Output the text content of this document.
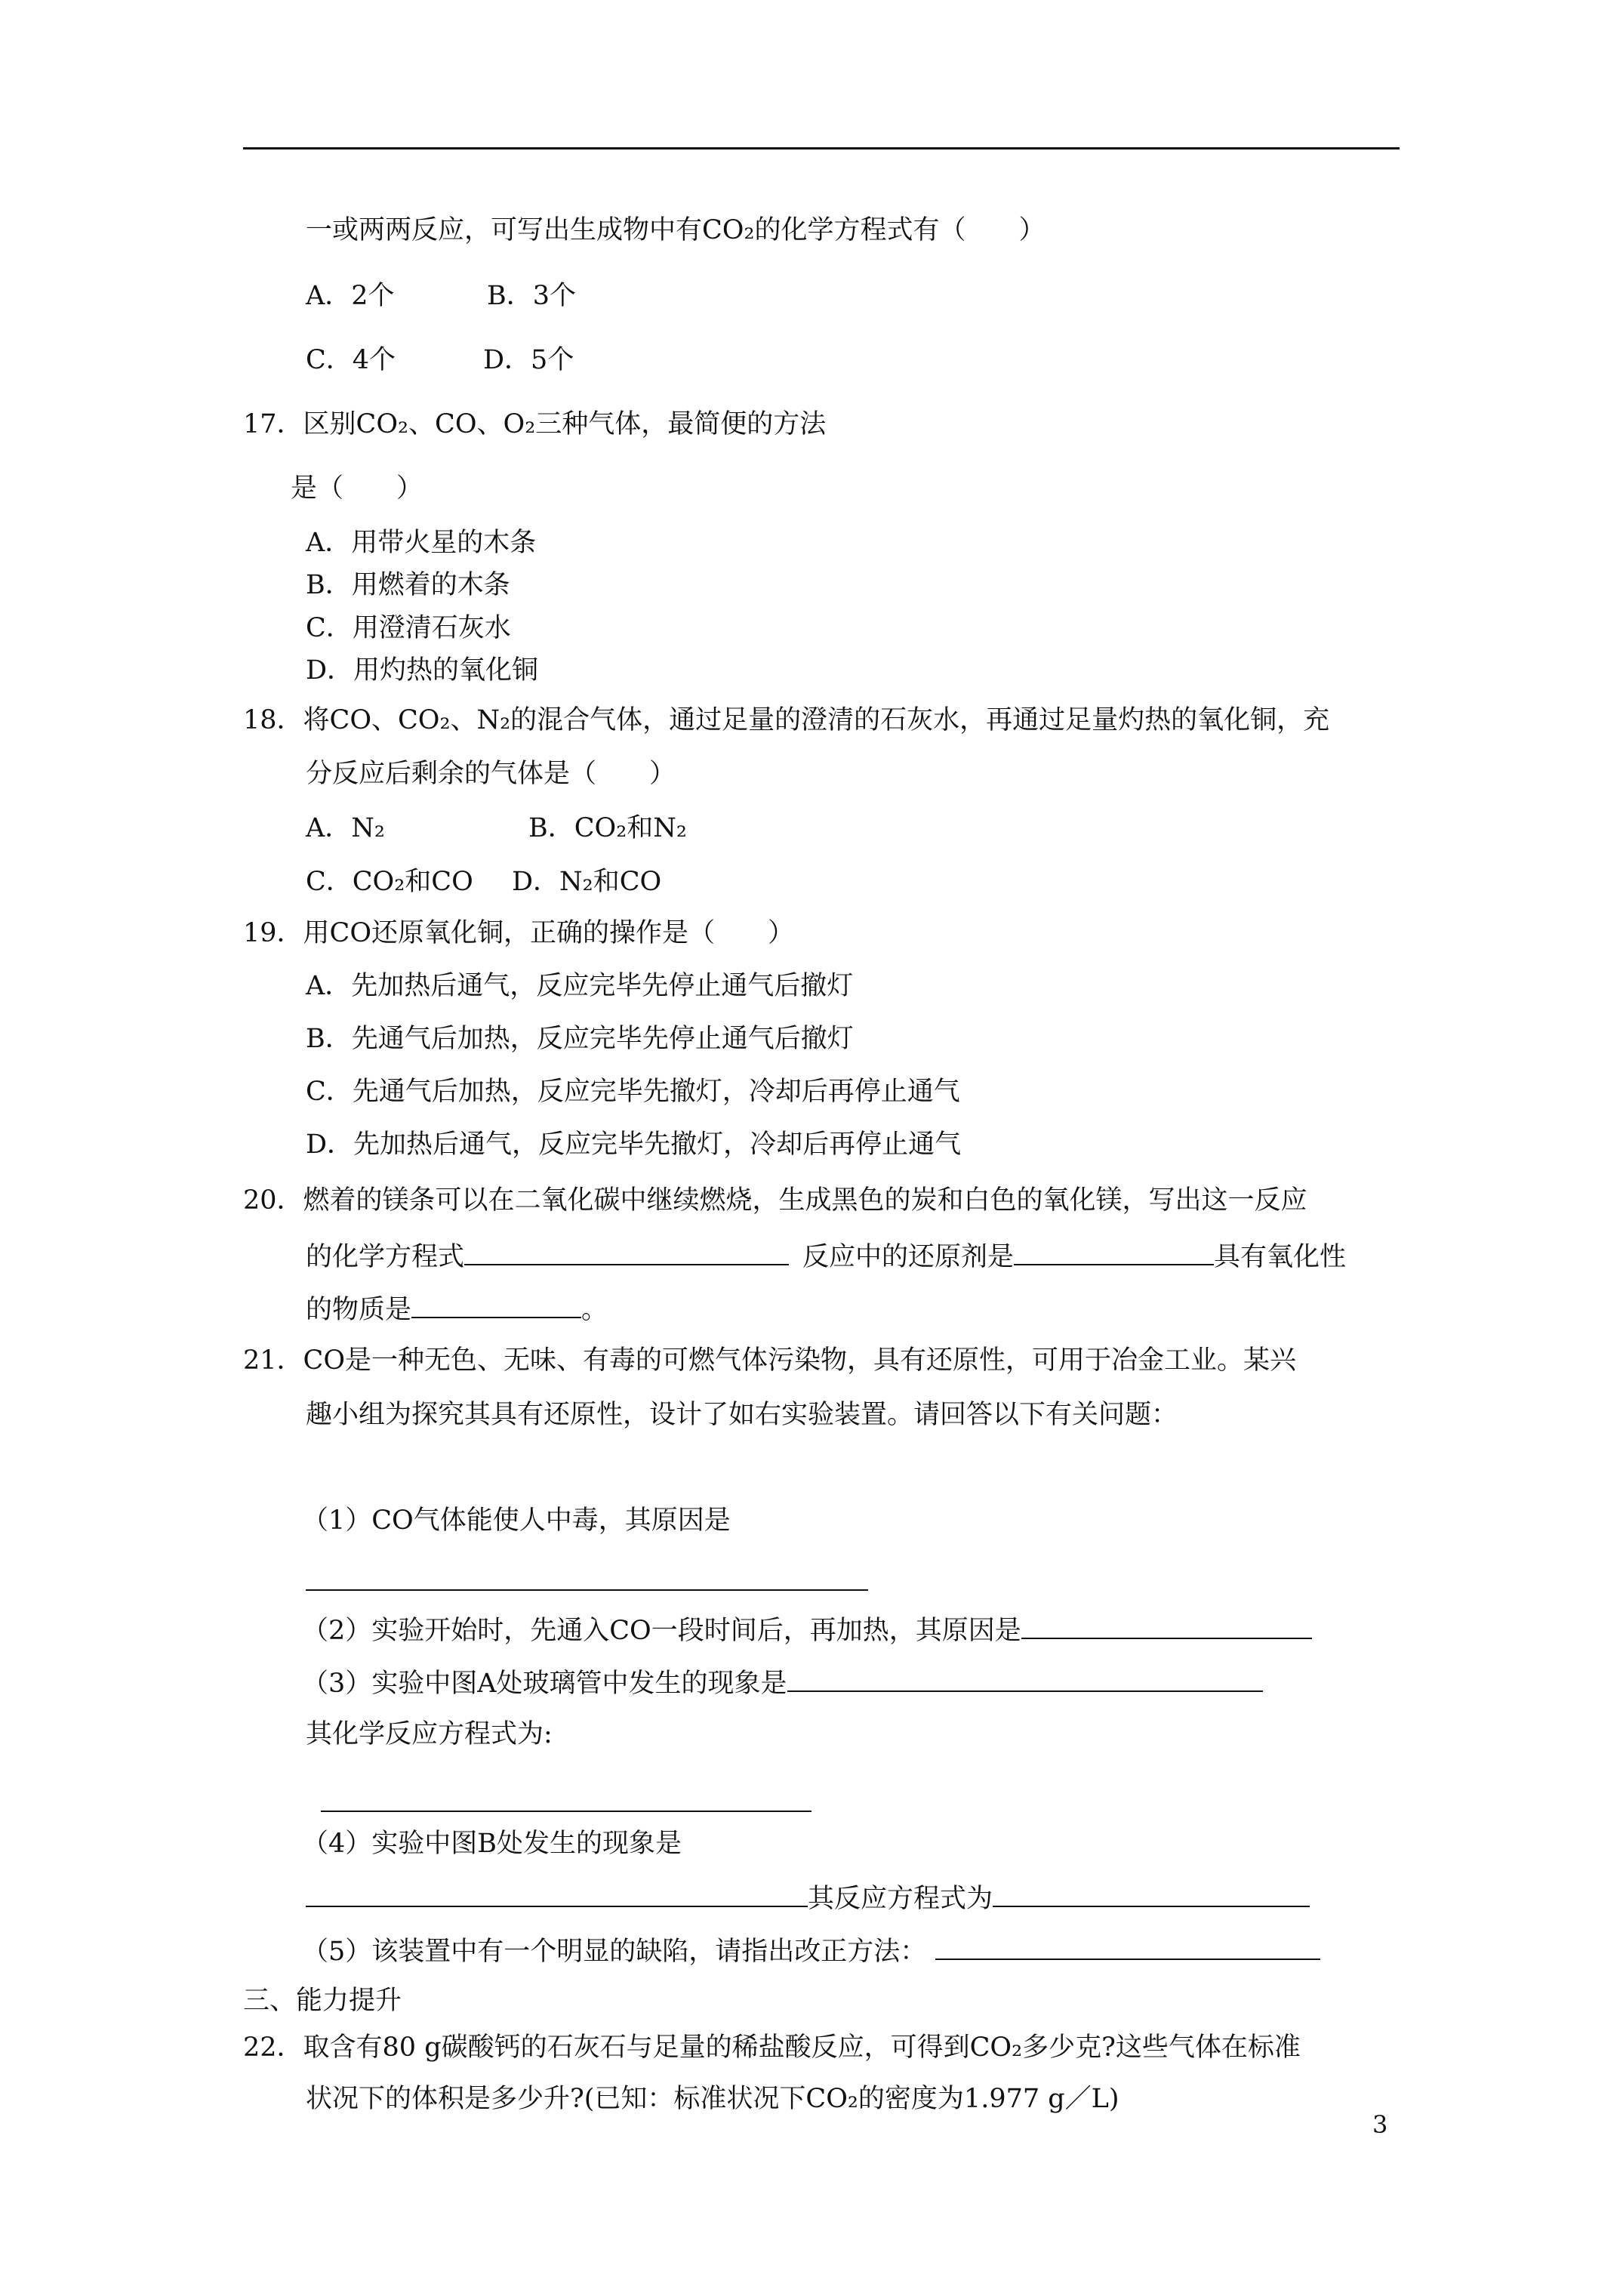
一或两两反应，可写出生成物中有CO₂的化学方程式有（　　）
A．2个	B．3个
C．4个	D．5个
17．区别CO₂、CO、O₂三种气体，最简便的方法
是（　　）
A．用带火星的木条
B．用燃着的木条
C．用澄清石灰水
D．用灼热的氧化铜
18．将CO、CO₂、N₂的混合气体，通过足量的澄清的石灰水，再通过足量灼热的氧化铜，充
分反应后剩余的气体是（　　）
A．N₂	B．CO₂和N₂
C．CO₂和CO D．N₂和CO
19．用CO还原氧化铜，正确的操作是（　　）
A．先加热后通气，反应完毕先停止通气后撤灯
B．先通气后加热，反应完毕先停止通气后撤灯
C．先通气后加热，反应完毕先撤灯，冷却后再停止通气
D．先加热后通气，反应完毕先撤灯，冷却后再停止通气
20．燃着的镁条可以在二氧化碳中继续燃烧，生成黑色的炭和白色的氧化镁，写出这一反应
的化学方程式	反应中的还原剂是	具有氧化性
的物质是	。
21．CO是一种无色、无味、有毒的可燃气体污染物，具有还原性，可用于冶金工业。某兴
趣小组为探究其具有还原性，设计了如右实验装置。请回答以下有关问题：
（1）CO气体能使人中毒，其原因是
（2）实验开始时，先通入CO一段时间后，再加热，其原因是
（3）实验中图A处玻璃管中发生的现象是
其化学反应方程式为:
（4）实验中图B处发生的现象是
其反应方程式为
（5）该装置中有一个明显的缺陷，请指出改正方法：
三、能力提升
22．取含有80 g碳酸钙的石灰石与足量的稀盐酸反应，可得到CO₂多少克?这些气体在标准
状况下的体积是多少升?(已知：标准状况下CO₂的密度为1.977 g／L)
3
